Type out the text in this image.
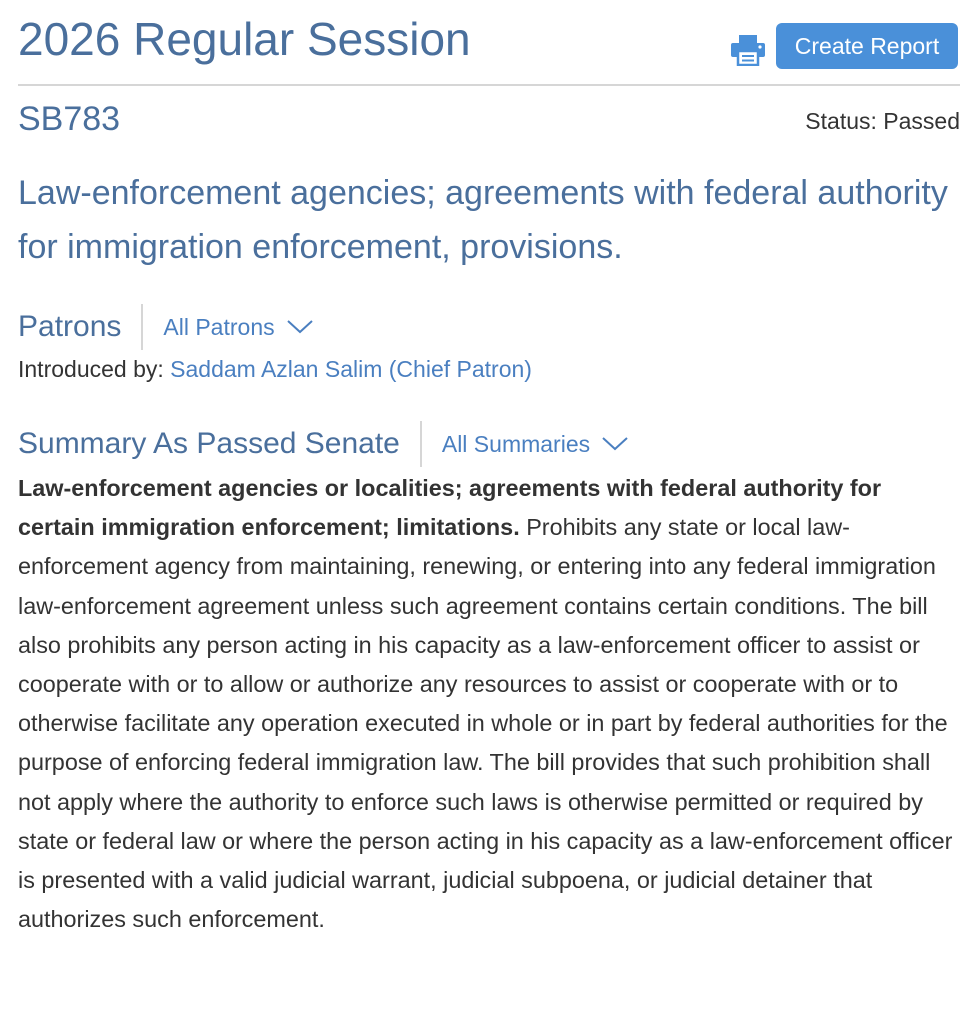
2026 Regular Session	Create Report
SB783	Status: Passed
Law-enforcement agencies; agreements with federal authority for immigration enforcement, provisions.
Patrons	All Patrons
Introduced by: Saddam Azlan Salim (Chief Patron)
Summary As Passed Senate	All Summaries

Law-enforcement agencies or localities; agreements with federal authority for certain immigration enforcement; limitations. Prohibits any state or local law-enforcement agency from maintaining, renewing, or entering into any federal immigration law-enforcement agreement unless such agreement contains certain conditions. The bill also prohibits any person acting in his capacity as a law-enforcement officer to assist or cooperate with or to allow or authorize any resources to assist or cooperate with or to otherwise facilitate any operation executed in whole or in part by federal authorities for the purpose of enforcing federal immigration law. The bill provides that such prohibition shall not apply where the authority to enforce such laws is otherwise permitted or required by state or federal law or where the person acting in his capacity as a law-enforcement officer is presented with a valid judicial warrant, judicial subpoena, or judicial detainer that authorizes such enforcement.
